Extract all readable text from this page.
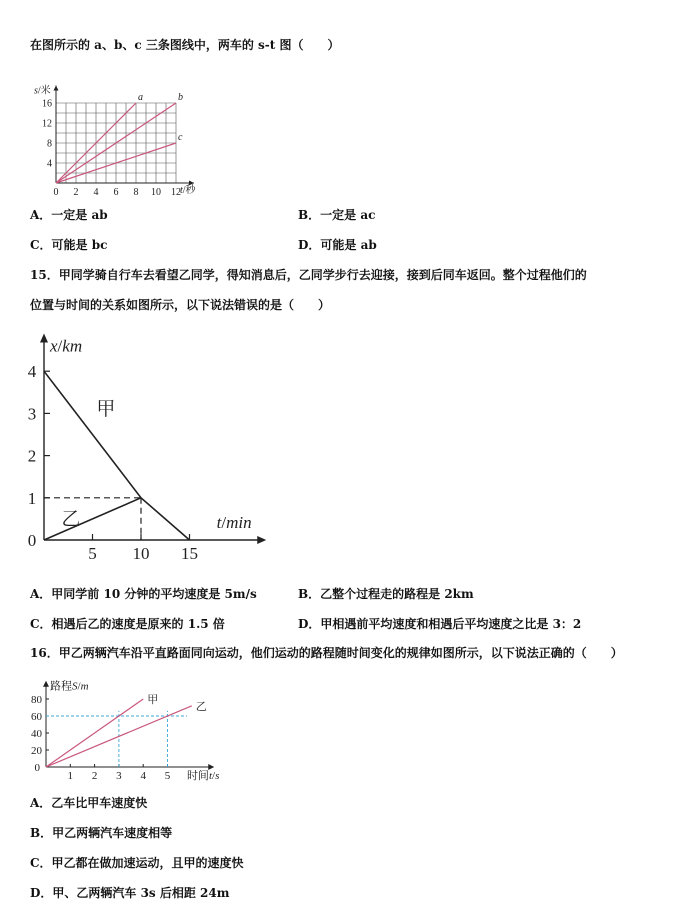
在图所示的 a、b、c 三条图线中，两车的 s-t 图（　　）
s/米
t/秒
0 2 4 6 8 10 12
4
8
12
16
a	b
c
A．一定是 ab	B．一定是 ac
C．可能是 bc	D．可能是 ab
15．甲同学骑自行车去看望乙同学，得知消息后，乙同学步行去迎接，接到后同车返回。整个过程他们的
位置与时间的关系如图所示，以下说法错误的是（　　）
x/km
t/min
0
5 10 15
1
2
3
4
甲
乙
A．甲同学前 10 分钟的平均速度是 5m/s	B．乙整个过程走的路程是 2km
C．相遇后乙的速度是原来的 1.5 倍	D．甲相遇前平均速度和相遇后平均速度之比是 3：2
16．甲乙两辆汽车沿平直路面同向运动，他们运动的路程随时间变化的规律如图所示，以下说法正确的（　　）
路程S/m
时间t/s
0
1 2 3 4 5
20
40
60
80	甲
乙
A．乙车比甲车速度快
B．甲乙两辆汽车速度相等
C．甲乙都在做加速运动，且甲的速度快
D．甲、乙两辆汽车 3s 后相距 24m
